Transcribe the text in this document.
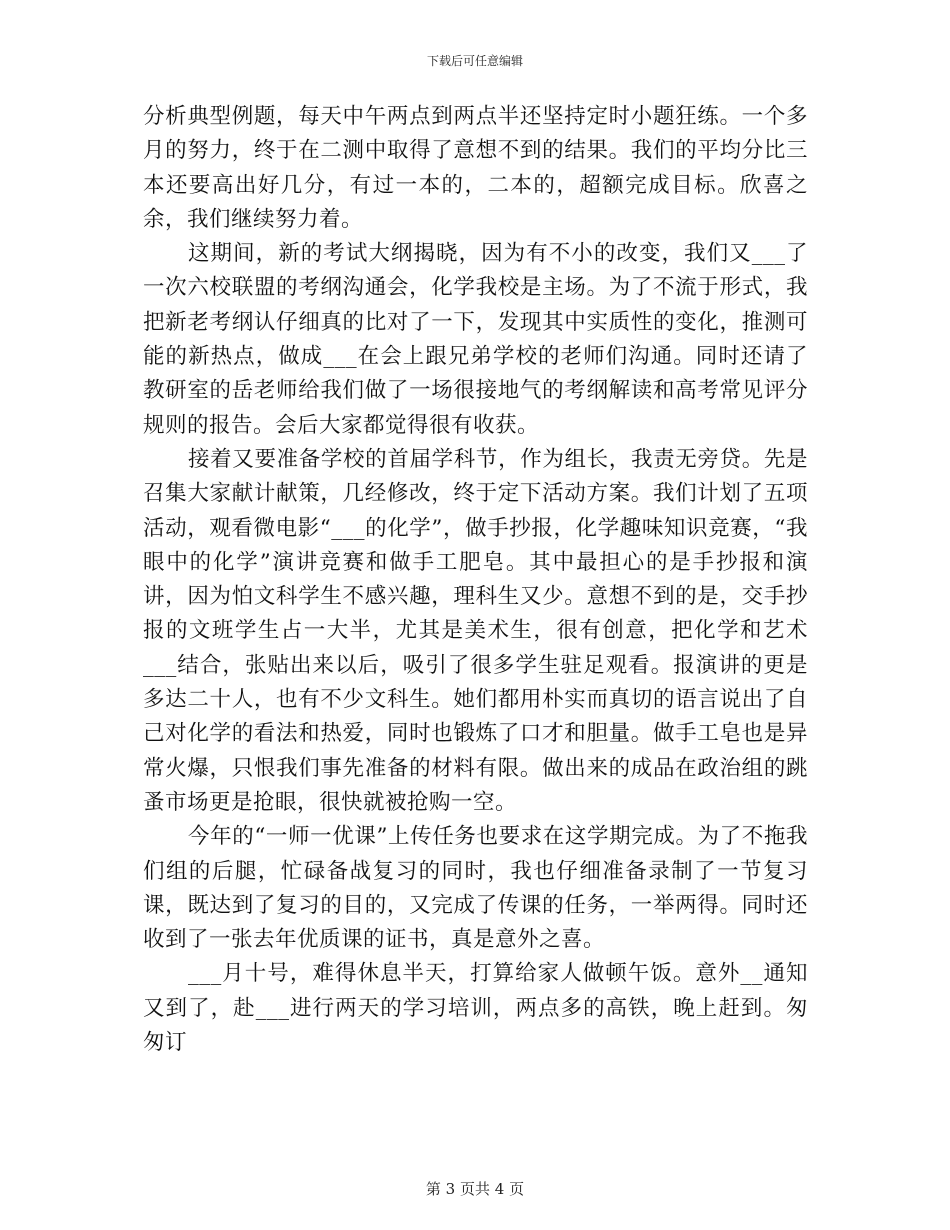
下载后可任意编辑

分析典型例题，每天中午两点到两点半还坚持定时小题狂练。一个多月的努力，终于在二测中取得了意想不到的结果。我们的平均分比三本还要高出好几分，有过一本的，二本的，超额完成目标。欣喜之余，我们继续努力着。

这期间，新的考试大纲揭晓，因为有不小的改变，我们又___了一次六校联盟的考纲沟通会，化学我校是主场。为了不流于形式，我把新老考纲认仔细真的比对了一下，发现其中实质性的变化，推测可能的新热点，做成___在会上跟兄弟学校的老师们沟通。同时还请了教研室的岳老师给我们做了一场很接地气的考纲解读和高考常见评分规则的报告。会后大家都觉得很有收获。

接着又要准备学校的首届学科节，作为组长，我责无旁贷。先是召集大家献计献策，几经修改，终于定下活动方案。我们计划了五项活动，观看微电影“___的化学”，做手抄报，化学趣味知识竞赛，“我眼中的化学”演讲竞赛和做手工肥皂。其中最担心的是手抄报和演讲，因为怕文科学生不感兴趣，理科生又少。意想不到的是，交手抄报的文班学生占一大半，尤其是美术生，很有创意，把化学和艺术___结合，张贴出来以后，吸引了很多学生驻足观看。报演讲的更是多达二十人，也有不少文科生。她们都用朴实而真切的语言说出了自己对化学的看法和热爱，同时也锻炼了口才和胆量。做手工皂也是异常火爆，只恨我们事先准备的材料有限。做出来的成品在政治组的跳蚤市场更是抢眼，很快就被抢购一空。

今年的“一师一优课”上传任务也要求在这学期完成。为了不拖我们组的后腿，忙碌备战复习的同时，我也仔细准备录制了一节复习课，既达到了复习的目的，又完成了传课的任务，一举两得。同时还收到了一张去年优质课的证书，真是意外之喜。

___月十号，难得休息半天，打算给家人做顿午饭。意外__通知又到了，赴___进行两天的学习培训，两点多的高铁，晚上赶到。匆匆订

第 3 页共 4 页
